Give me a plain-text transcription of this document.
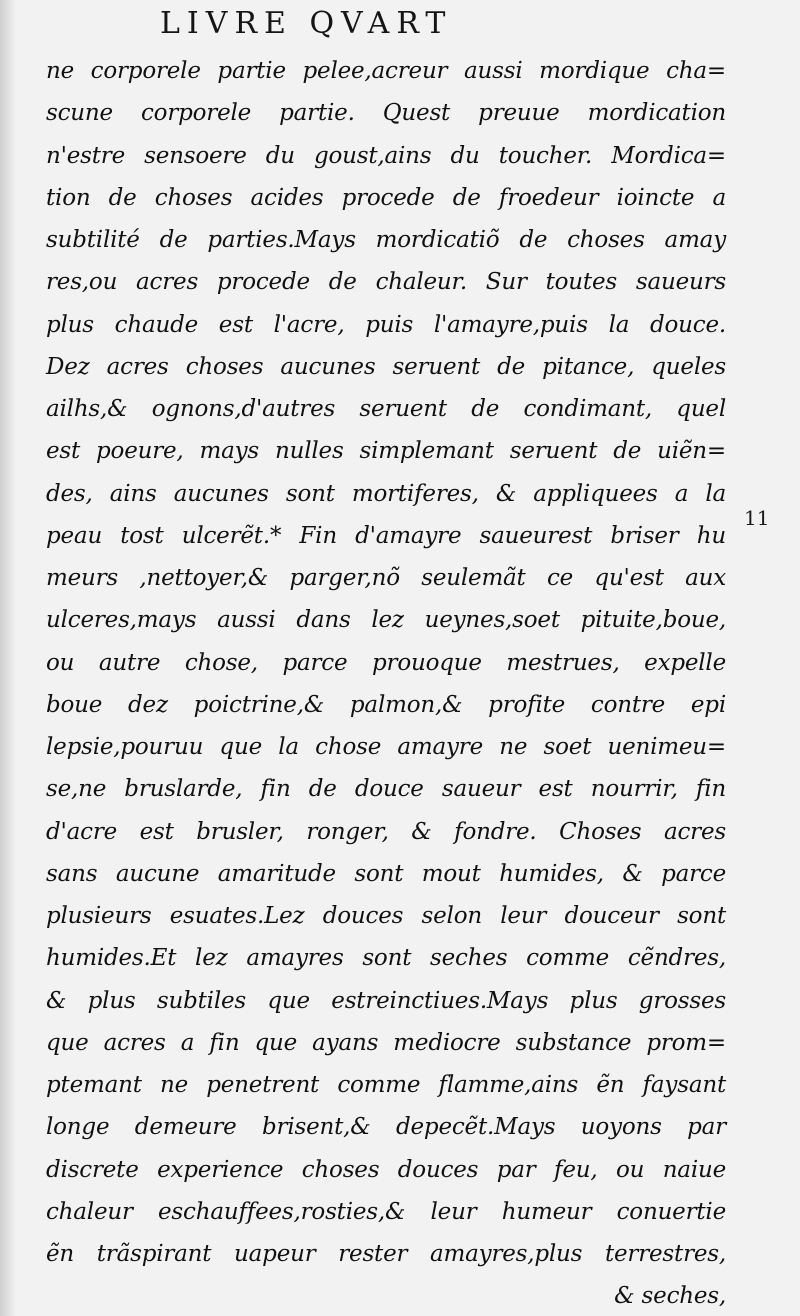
LIVRE QVART
ne corporele partie pelee,acreur aussi mordique cha=
scune corporele partie. Quest preuue mordication
n'estre sensoere du goust,ains du toucher. Mordica=
tion de choses acides procede de froedeur ioincte a
subtilité de parties.Mays mordicatiõ de choses amay
res,ou acres procede de chaleur. Sur toutes saueurs
plus chaude est l'acre, puis l'amayre,puis la douce.
Dez acres choses aucunes seruent de pitance, queles
ailhs,& ognons,d'autres seruent de condimant, quel
est poeure, mays nulles simplemant seruent de uiẽn=
des, ains aucunes sont mortiferes, & appliquees a la
peau tost ulcerẽt.* Fin d'amayre saueurest briser hu
meurs ,nettoyer,& parger,nõ seulemãt ce qu'est aux
ulceres,mays aussi dans lez ueynes,soet pituite,boue,
ou autre chose, parce prouoque mestrues, expelle
boue dez poictrine,& palmon,& profite contre epi
lepsie,pouruu que la chose amayre ne soet uenimeu=
se,ne bruslarde, fin de douce saueur est nourrir, fin
d'acre est brusler, ronger, & fondre. Choses acres
sans aucune amaritude sont mout humides, & parce
plusieurs esuates.Lez douces selon leur douceur sont
humides.Et lez amayres sont seches comme cẽndres,
& plus subtiles que estreinctiues.Mays plus grosses
que acres a fin que ayans mediocre substance prom=
ptemant ne penetrent comme flamme,ains ẽn faysant
longe demeure brisent,& depecẽt.Mays uoyons par
discrete experience choses douces par feu, ou naiue
chaleur eschauffees,rosties,& leur humeur conuertie
ẽn trãspirant uapeur rester amayres,plus terrestres,
& seches,
11
